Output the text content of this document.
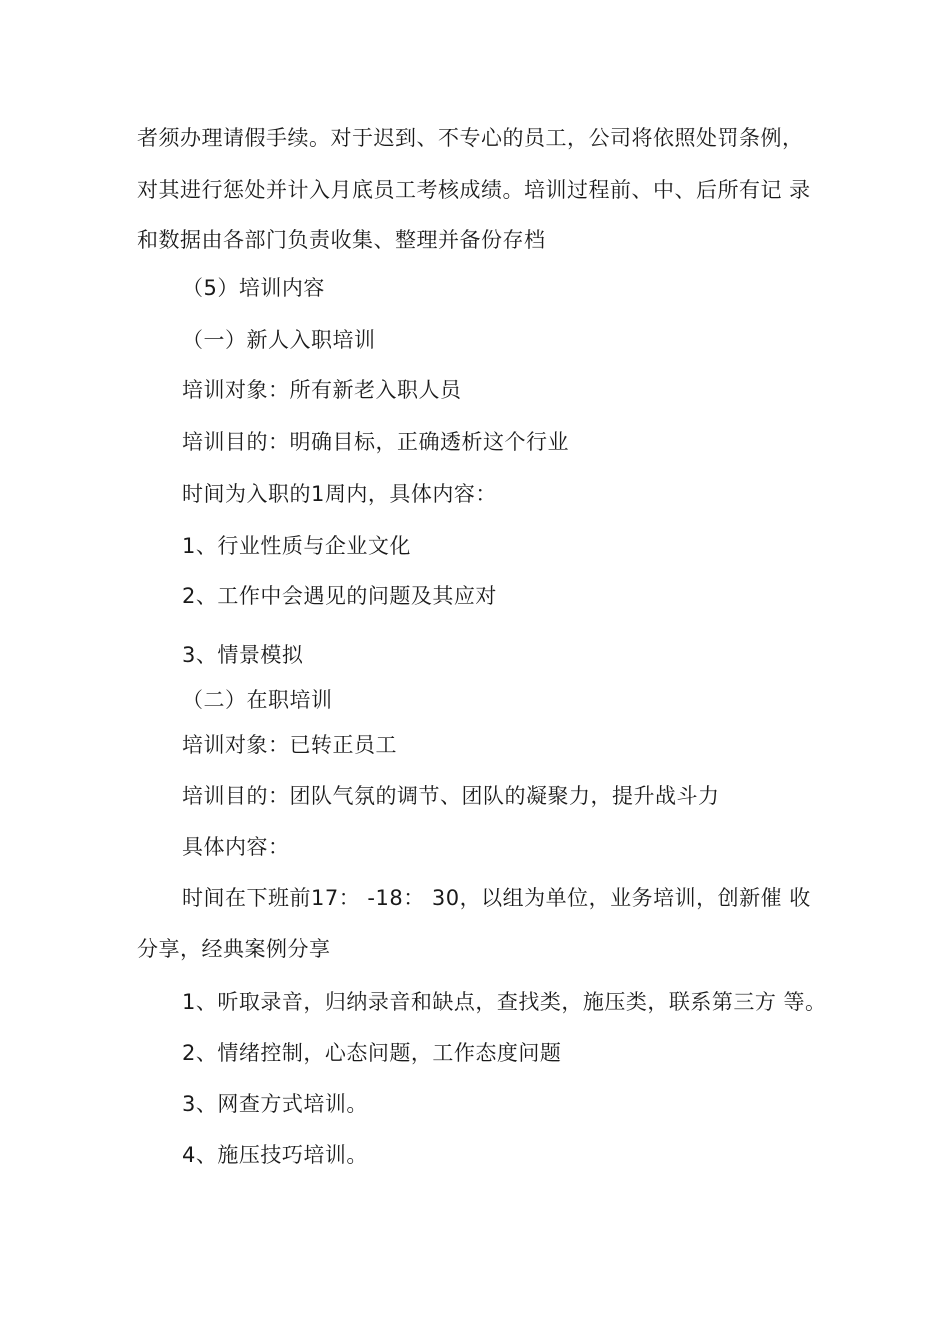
者须办理请假手续。对于迟到、不专心的员工，公司将依照处罚条例，
对其进行惩处并计入月底员工考核成绩。培训过程前、中、后所有记 录
和数据由各部门负责收集、整理并备份存档
（5）培训内容
（一）新人入职培训
培训对象：所有新老入职人员
培训目的：明确目标，正确透析这个行业
时间为入职的1周内，具体内容：
1、行业性质与企业文化
2、工作中会遇见的问题及其应对
3、情景模拟
（二）在职培训
培训对象：已转正员工
培训目的：团队气氛的调节、团队的凝聚力，提升战斗力
具体内容：
时间在下班前17： -18： 30，以组为单位，业务培训，创新催 收
分享，经典案例分享
1、听取录音，归纳录音和缺点，查找类，施压类，联系第三方 等。
2、情绪控制，心态问题，工作态度问题
3、网查方式培训。
4、施压技巧培训。
